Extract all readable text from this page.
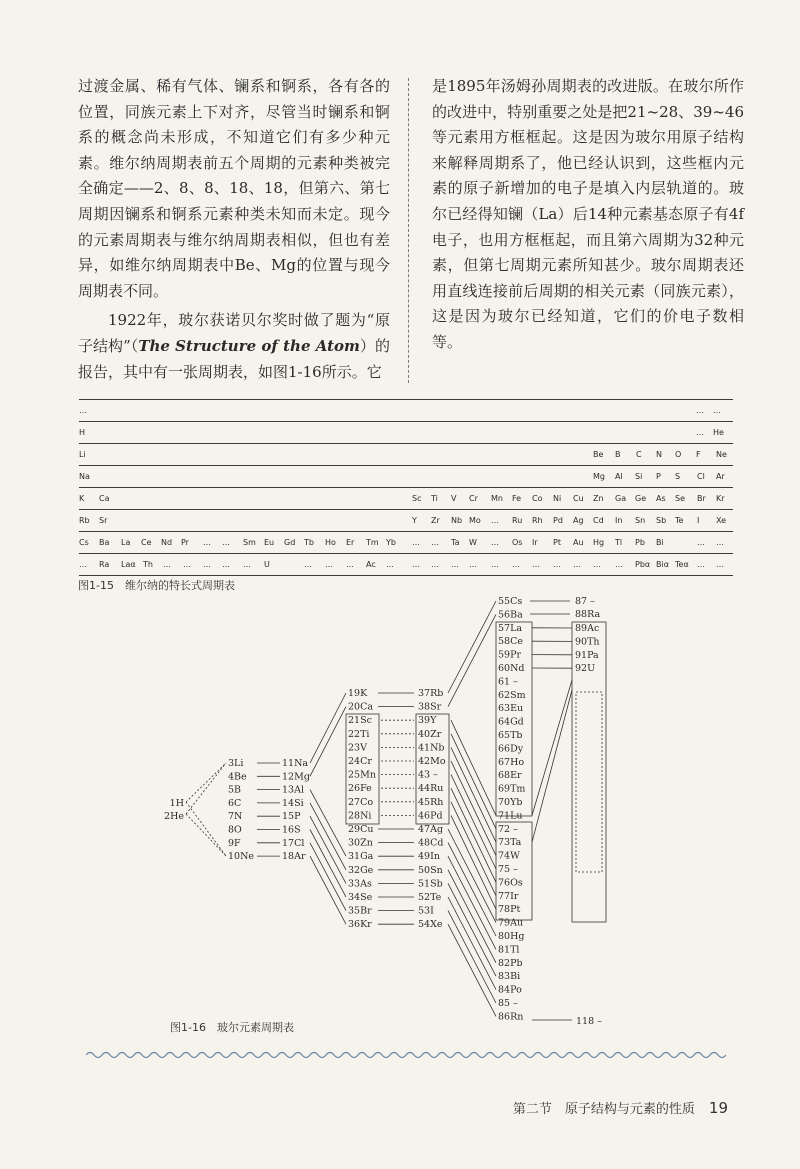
过渡金属、稀有气体、镧系和锕系，各有各的位置，同族元素上下对齐，尽管当时镧系和锕系的概念尚未形成，不知道它们有多少种元素。维尔纳周期表前五个周期的元素种类被完全确定——2、8、8、18、18，但第六、第七周期因镧系和锕系元素种类未知而未定。现今的元素周期表与维尔纳周期表相似，但也有差异，如维尔纳周期表中Be、Mg的位置与现今周期表不同。

1922年，玻尔获诺贝尔奖时做了题为“原子结构”（The Structure of the Atom）的报告，其中有一张周期表，如图1-16所示。它

是1895年汤姆孙周期表的改进版。在玻尔所作的改进中，特别重要之处是把21~28、39~46等元素用方框框起。这是因为玻尔用原子结构来解释周期系了，他已经认识到，这些框内元素的原子新增加的电子是填入内层轨道的。玻尔已经得知镧（La）后14种元素基态原子有4f电子，也用方框框起，而且第六周期为32种元素，但第七周期元素所知甚少。玻尔周期表还用直线连接前后周期的相关元素（同族元素），这是因为玻尔已经知道，它们的价电子数相等。

…	… …
H	… He
Li	Be B C N O F Ne
Na	Mg Al Si P S Cl Ar
K Ca	Sc Ti V Cr Mn Fe Co Ni Cu Zn Ga Ge As Se Br Kr
Rb Sr	Y Zr Nb Mo … Ru Rh Pd Ag Cd In Sn Sb Te I Xe
Cs Ba La Ce Nd Pr … … Sm Eu Gd Tb Ho Er Tm Yb … … Ta W … Os Ir Pt Au Hg Tl Pb Bi	… …
… Ra Laα Th … … … … … U	… … … Ac … … … … … … … … … … … … Pbα Biα Teα … …
图1-15　维尔纳的特长式周期表
1H
2He
3Li
4Be
5B
6C
7N
8O
9F
10Ne
11Na
12Mg
13Al
14Si
15P
16S
17Cl
18Ar
19K
20Ca
21Sc
22Ti
23V
24Cr
25Mn
26Fe
27Co
28Ni
29Cu
30Zn
31Ga
32Ge
33As
34Se
35Br
36Kr
37Rb
38Sr
39Y
40Zr
41Nb
42Mo
43 –
44Ru
45Rh
46Pd
47Ag
48Cd
49In
50Sn
51Sb
52Te
53I
54Xe
55Cs
56Ba
57La
58Ce
59Pr
60Nd
61 –
62Sm
63Eu
64Gd
65Tb
66Dy
67Ho
68Er
69Tm
70Yb
71Lu
72 –
73Ta
74W
75 –
76Os
77Ir
78Pt
79Au
80Hg
81Tl
82Pb
83Bi
84Po
85 –
86Rn
87 –
88Ra
89Ac
90Th
91Pa
92U
118 –
图1-16　玻尔元素周期表
第二节　原子结构与元素的性质 19
